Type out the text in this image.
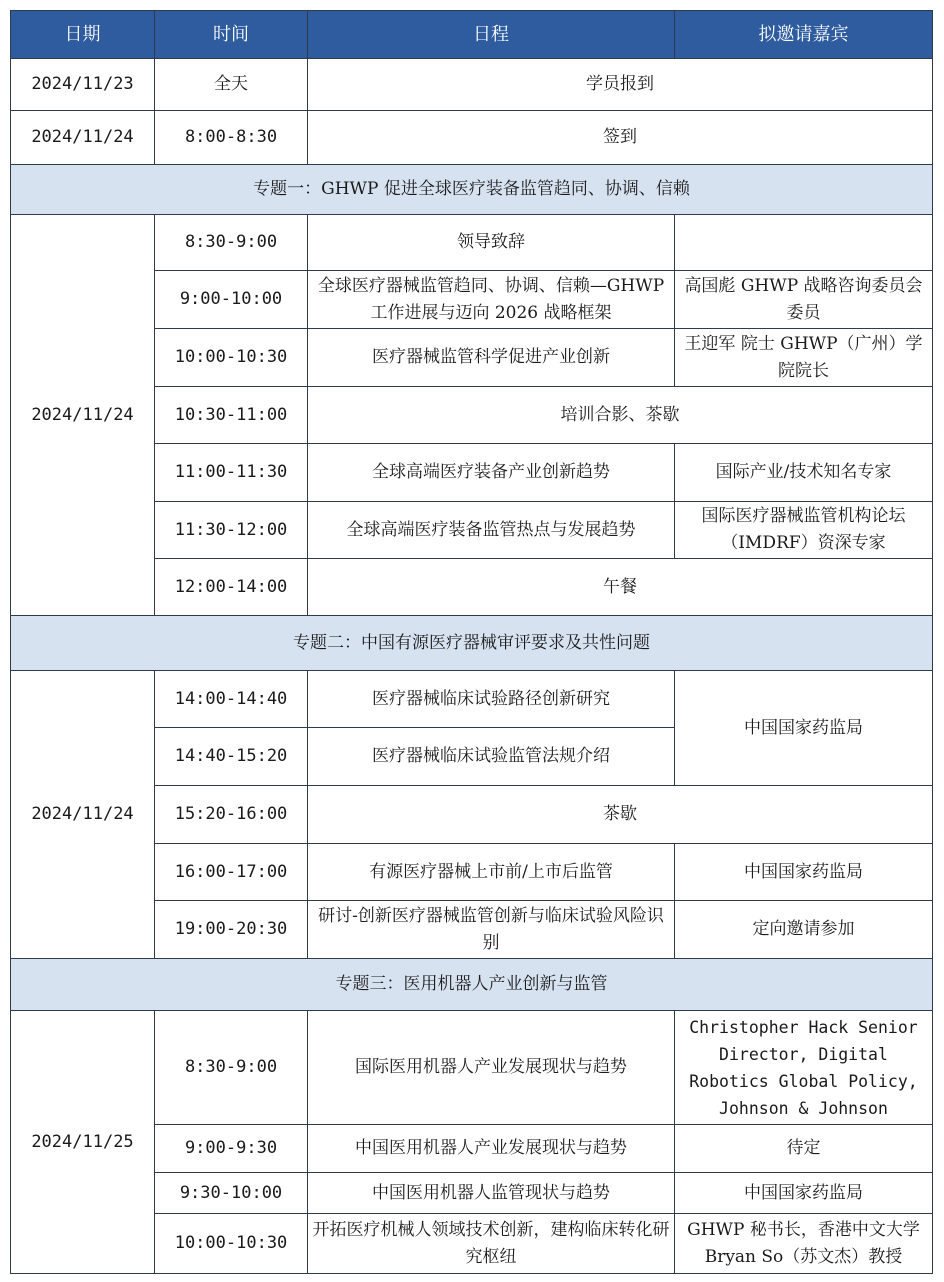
日期	时间	日程	拟邀请嘉宾
2024/11/23	全天	学员报到	
2024/11/24	8:00-8:30	签到	
专题一：GHWP 促进全球医疗装备监管趋同、协调、信赖			
2024/11/24	8:30-9:00	领导致辞	
	9:00-10:00	全球医疗器械监管趋同、协调、信赖—GHWP 工作进展与迈向 2026 战略框架	高国彪 GHWP 战略咨询委员会委员
	10:00-10:30	医疗器械监管科学促进产业创新	王迎军 院士 GHWP（广州）学院院长
	10:30-11:00	培训合影、茶歇	
	11:00-11:30	全球高端医疗装备产业创新趋势	国际产业/技术知名专家
	11:30-12:00	全球高端医疗装备监管热点与发展趋势	国际医疗器械监管机构论坛（IMDRF）资深专家
	12:00-14:00	午餐	
专题二：中国有源医疗器械审评要求及共性问题			
2024/11/24	14:00-14:40	医疗器械临床试验路径创新研究	中国国家药监局
	14:40-15:20	医疗器械临床试验监管法规介绍	
	15:20-16:00	茶歇	
	16:00-17:00	有源医疗器械上市前/上市后监管	中国国家药监局
	19:00-20:30	研讨-创新医疗器械监管创新与临床试验风险识别	定向邀请参加
专题三：医用机器人产业创新与监管			
2024/11/25	8:30-9:00	国际医用机器人产业发展现状与趋势	Christopher Hack Senior Director, Digital Robotics Global Policy, Johnson & Johnson
	9:00-9:30	中国医用机器人产业发展现状与趋势	待定
	9:30-10:00	中国医用机器人监管现状与趋势	中国国家药监局
	10:00-10:30	开拓医疗机械人领域技术创新，建构临床转化研究枢纽	GHWP 秘书长，香港中文大学 Bryan So（苏文杰）教授
